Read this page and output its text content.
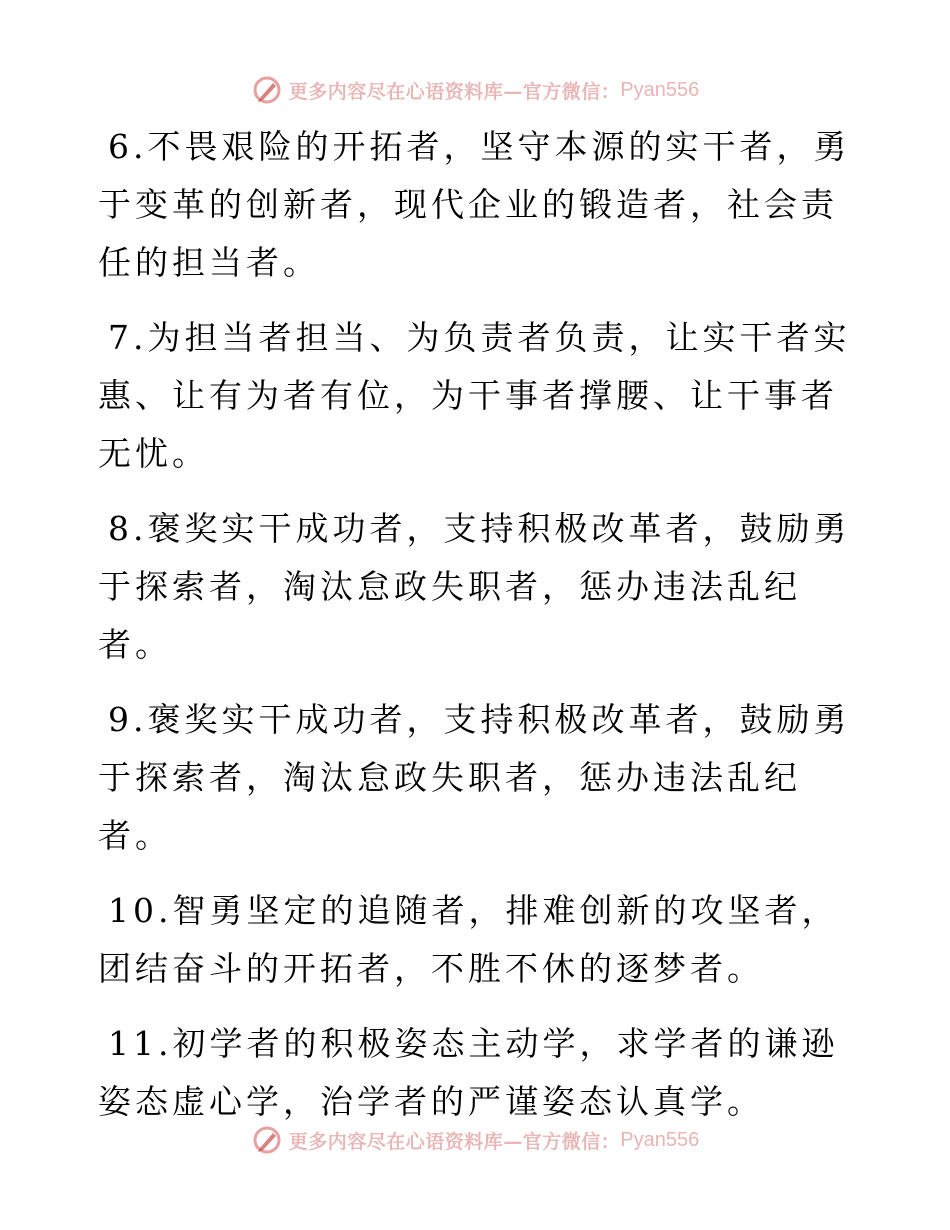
更多内容尽在心语资料库—官方微信： Pyan556

6.不畏艰险的开拓者，坚守本源的实干者，勇于变革的创新者，现代企业的锻造者，社会责任的担当者。

7.为担当者担当、为负责者负责，让实干者实惠、让有为者有位，为干事者撑腰、让干事者无忧。

8.褒奖实干成功者，支持积极改革者，鼓励勇于探索者，淘汰怠政失职者，惩办违法乱纪者。

9.褒奖实干成功者，支持积极改革者，鼓励勇于探索者，淘汰怠政失职者，惩办违法乱纪者。

10.智勇坚定的追随者，排难创新的攻坚者，团结奋斗的开拓者，不胜不休的逐梦者。

11.初学者的积极姿态主动学，求学者的谦逊姿态虚心学，治学者的严谨姿态认真学。

更多内容尽在心语资料库—官方微信： Pyan556
